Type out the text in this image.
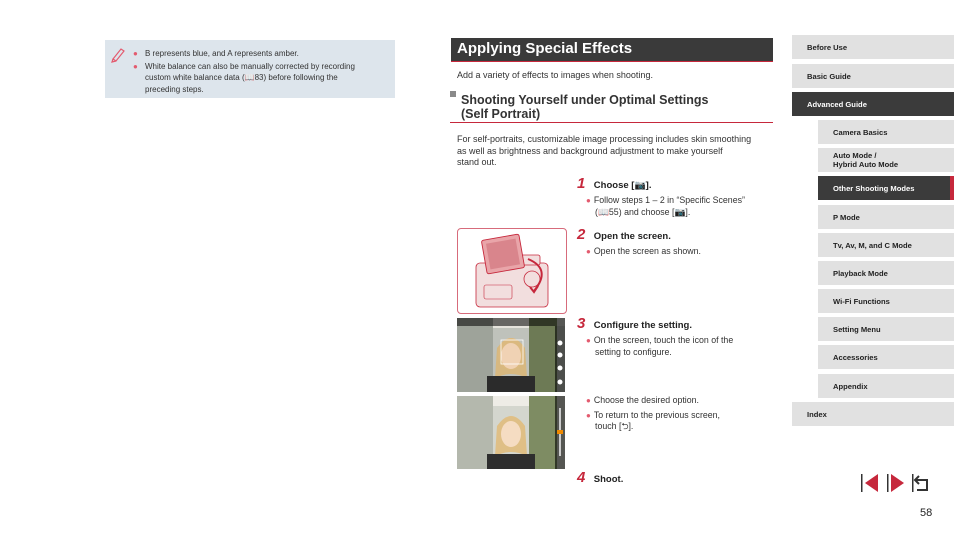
● B represents blue, and A represents amber.
● White balance can also be manually corrected by recording
custom white balance data (📖83) before following the
preceding steps.
Applying Special Effects
Add a variety of effects to images when shooting.
Shooting Yourself under Optimal Settings
(Self Portrait)
For self-portraits, customizable image processing includes skin smoothing
as well as brightness and background adjustment to make yourself
stand out.
1 Choose [📷].
● Follow steps 1 – 2 in “Specific Scenes”
(📖55) and choose [📷].
2 Open the screen.
● Open the screen as shown.
3 Configure the setting.
● On the screen, touch the icon of the
setting to configure.
● Choose the desired option.
● To return to the previous screen,
touch [⮌].
4 Shoot.
Before Use
Basic Guide
Advanced Guide
Camera Basics
Auto Mode /
Hybrid Auto Mode
Other Shooting Modes
P Mode
Tv, Av, M, and C Mode
Playback Mode
Wi-Fi Functions
Setting Menu
Accessories
Appendix
Index
58
